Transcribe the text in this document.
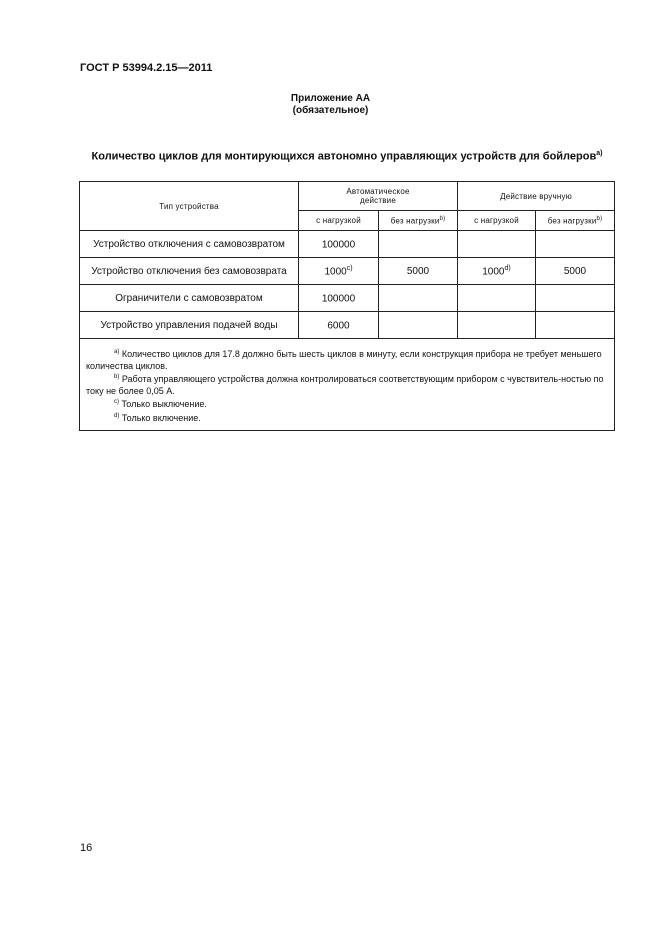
ГОСТ Р 53994.2.15—2011
Приложение АА
(обязательное)
Количество циклов для монтирующихся автономно управляющих устройств для бойлеров$^{a)}$
Тип устройства	Автоматическое действие		Действие вручную	
	с нагрузкой	без нагрузки$^{b)}$	с нагрузкой	без нагрузки$^{b)}$
Устройство отключения с самовозвратом	100000			
Устройство отключения без самовозврата	1000$^{c)}$	5000	1000$^{d)}$	5000
Ограничители с самовозвратом	100000			
Устройство управления подачей воды	6000			

$^{a)}$ Количество циклов для 17.8 должно быть шесть циклов в минуту, если конструкция прибора не требует меньшего количества циклов.

$^{b)}$ Работа управляющего устройства должна контролироваться соответствующим прибором с чувствитель-ностью по току не более 0,05 А.

$^{c)}$ Только выключение.

$^{d)}$ Только включение.				

16
